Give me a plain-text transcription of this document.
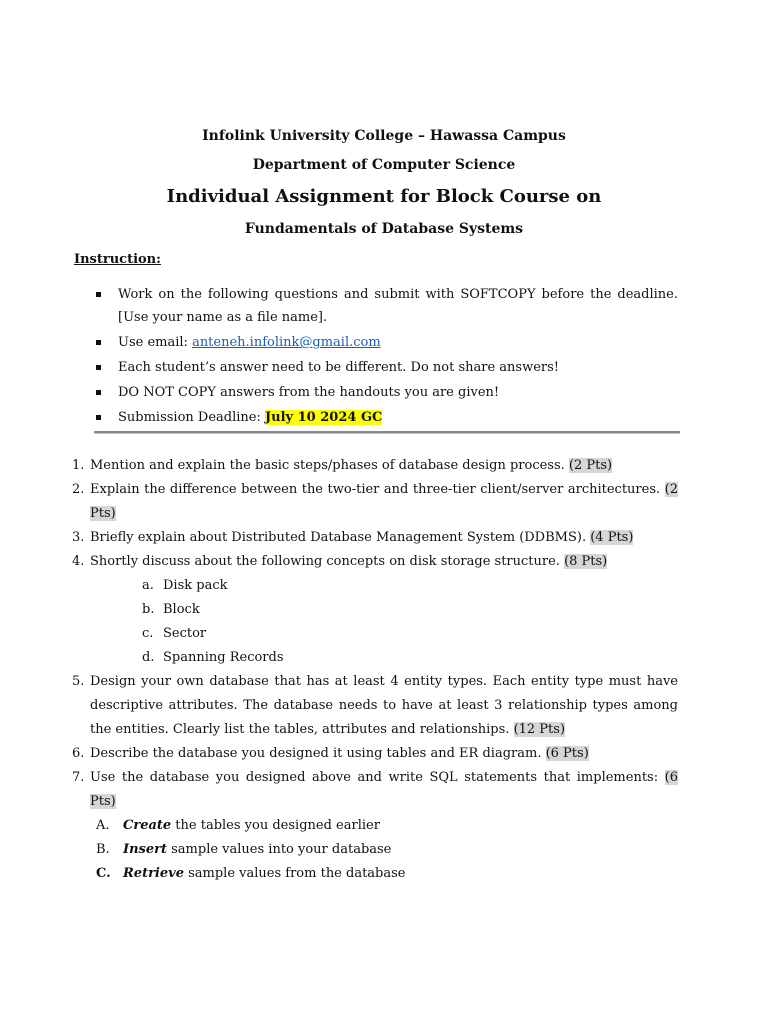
Infolink University College – Hawassa Campus
Department of Computer Science
Individual Assignment for Block Course on
Fundamentals of Database Systems
Instruction:
Work on the following questions and submit with SOFTCOPY before the deadline. [Use your name as a file name].
Use email: anteneh.infolink@gmail.com
Each student’s answer need to be different. Do not share answers!
DO NOT COPY answers from the handouts you are given!
Submission Deadline: July 10 2024 GC
1. Mention and explain the basic steps/phases of database design process. (2 Pts)
2. Explain the difference between the two-tier and three-tier client/server architectures. (2 Pts)
3. Briefly explain about Distributed Database Management System (DDBMS). (4 Pts)
4. Shortly discuss about the following concepts on disk storage structure. (8 Pts)
a. Disk pack
b. Block
c. Sector
d. Spanning Records
5. Design your own database that has at least 4 entity types. Each entity type must have descriptive attributes. The database needs to have at least 3 relationship types among the entities. Clearly list the tables, attributes and relationships. (12 Pts)
6. Describe the database you designed it using tables and ER diagram. (6 Pts)
7. Use the database you designed above and write SQL statements that implements: (6 Pts)
A. Create the tables you designed earlier
B. Insert sample values into your database
C. Retrieve sample values from the database
